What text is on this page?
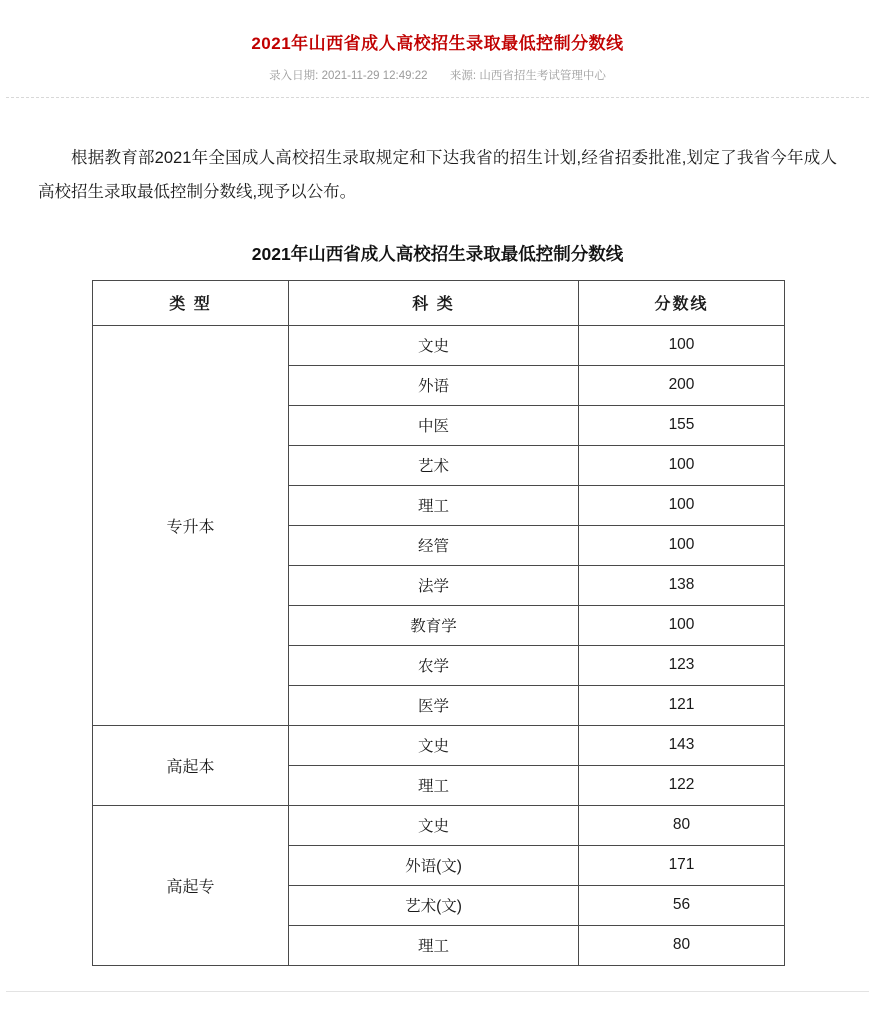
2021年山西省成人高校招生录取最低控制分数线
录入日期: 2021-11-29 12:49:22 来源: 山西省招生考试管理中心

根据教育部2021年全国成人高校招生录取规定和下达我省的招生计划,经省招委批准,划定了我省今年成人高校招生录取最低控制分数线,现予以公布。

2021年山西省成人高校招生录取最低控制分数线
类 型	科 类	分数线
专升本	文史	100
	外语	200
	中医	155
	艺术	100
	理工	100
	经管	100
	法学	138
	教育学	100
	农学	123
	医学	121
高起本	文史	143
	理工	122
高起专	文史	80
	外语(文)	171
	艺术(文)	56
	理工	80
